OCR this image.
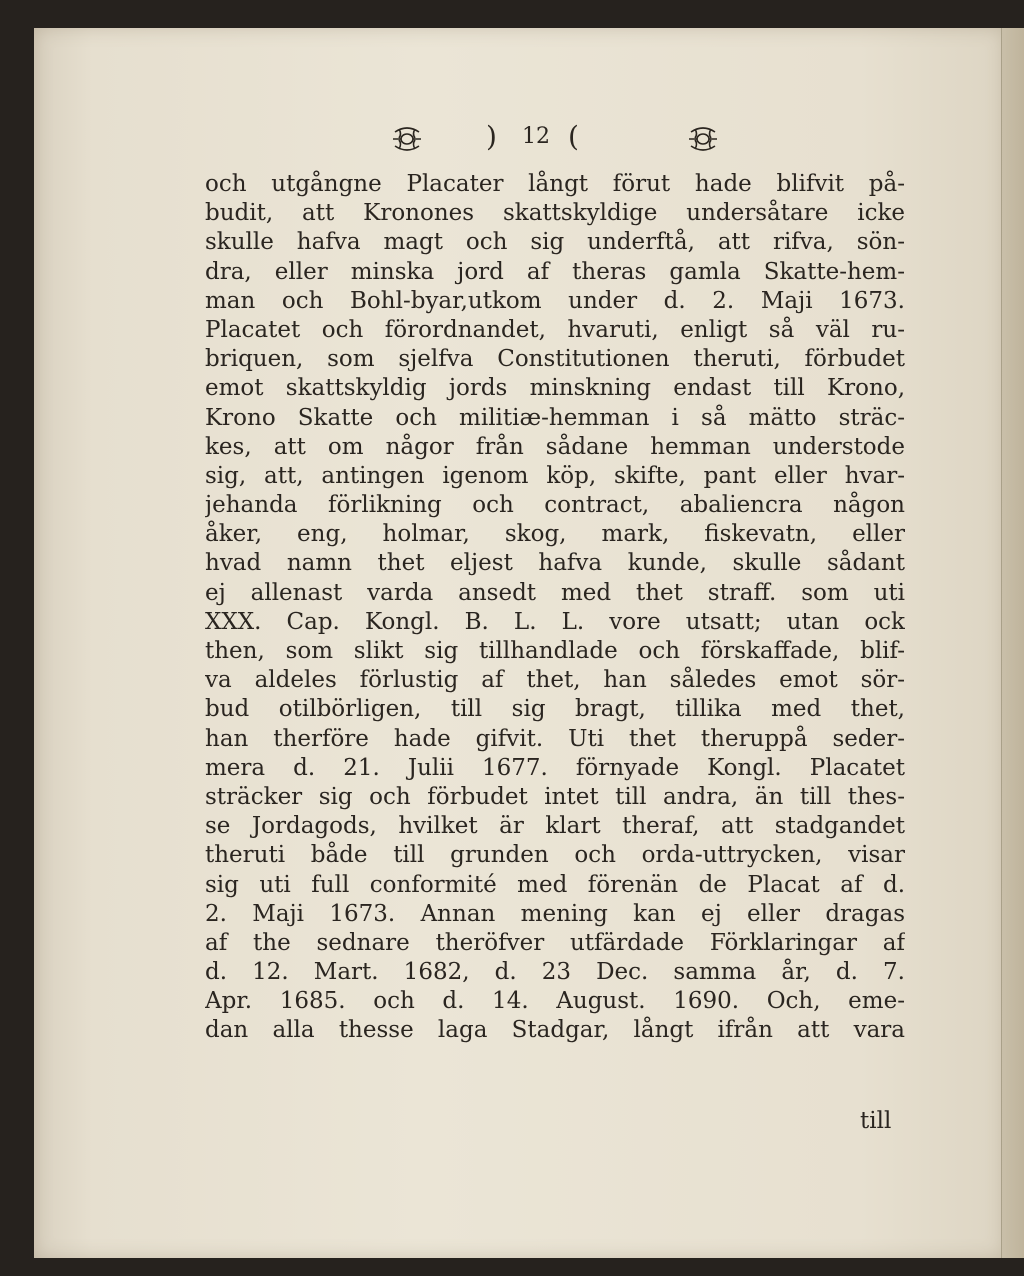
) 12 (
och utgångne Placater långt förut hade blifvit på-
budit, att Kronones skattskyldige undersåtare icke
skulle hafva magt och sig underftå, att rifva, sön-
dra, eller minska jord af theras gamla Skatte-hem-
man och Bohl-byar,utkom under d. 2. Maji 1673.
Placatet och förordnandet, hvaruti, enligt så väl ru-
briquen, som sjelfva Constitutionen theruti, förbudet
emot skattskyldig jords minskning endast till Krono,
Krono Skatte och militiæ-hemman i så mätto sträc-
kes, att om någor från sådane hemman understode
sig, att, antingen igenom köp, skifte, pant eller hvar-
jehanda förlikning och contract, abaliencra någon
åker, eng, holmar, skog, mark, fiskevatn, eller
hvad namn thet eljest hafva kunde, skulle sådant
ej allenast varda ansedt med thet straff. som uti
XXX. Cap. Kongl. B. L. L. vore utsatt; utan ock
then, som slikt sig tillhandlade och förskaffade, blif-
va aldeles förlustig af thet, han således emot sör-
bud otilbörligen, till sig bragt, tillika med thet,
han therföre hade gifvit. Uti thet theruppå seder-
mera d. 21. Julii 1677. förnyade Kongl. Placatet
sträcker sig och förbudet intet till andra, än till thes-
se Jordagods, hvilket är klart theraf, att stadgandet
theruti både till grunden och orda-uttrycken, visar
sig uti full conformité med förenän de Placat af d.
2. Maji 1673. Annan mening kan ej eller dragas
af the sednare theröfver utfärdade Förklaringar af
d. 12. Mart. 1682, d. 23 Dec. samma år, d. 7.
Apr. 1685. och d. 14. August. 1690. Och, eme-
dan alla thesse laga Stadgar, långt ifrån att vara
till
